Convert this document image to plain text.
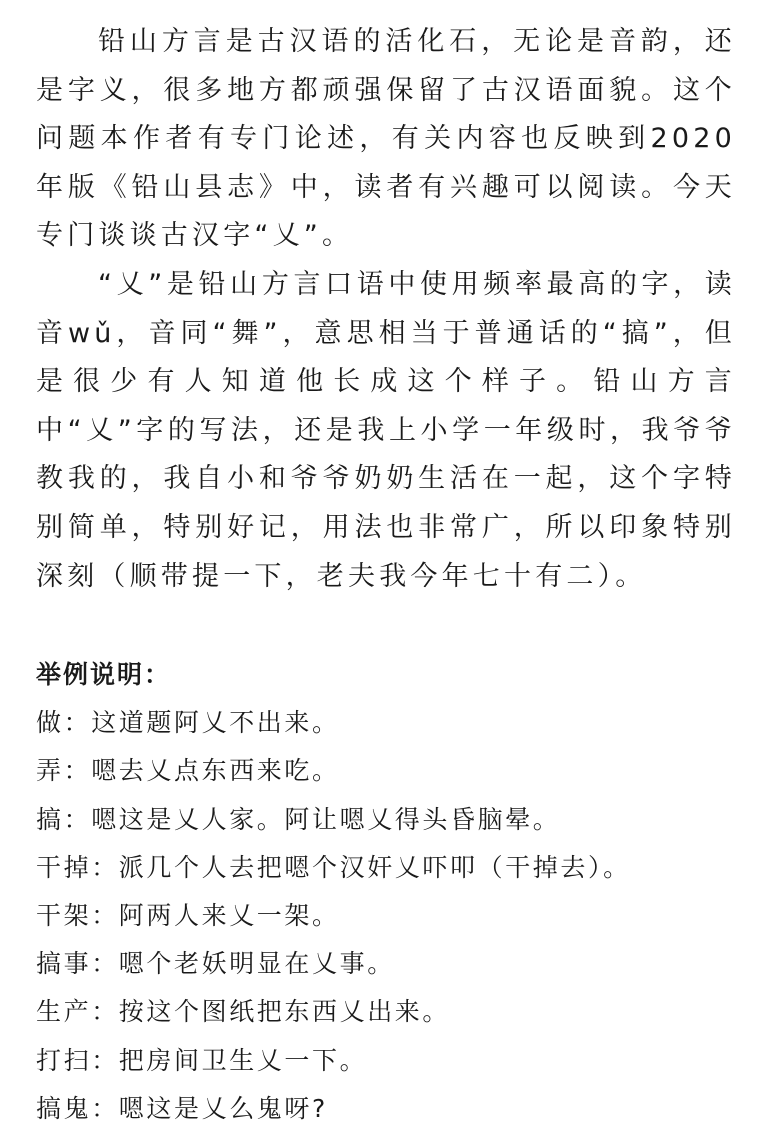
铅山方言是古汉语的活化石，无论是音韵，还是字义，很多地方都顽强保留了古汉语面貌。这个问题本作者有专门论述，有关内容也反映到2020年版《铅山县志》中，读者有兴趣可以阅读。今天专门谈谈古汉字“乂”。

“乂”是铅山方言口语中使用频率最高的字，读音wǔ，音同“舞”，意思相当于普通话的“搞”，但是很少有人知道他长成这个样子。铅山方言中“乂”字的写法，还是我上小学一年级时，我爷爷教我的，我自小和爷爷奶奶生活在一起，这个字特别简单，特别好记，用法也非常广，所以印象特别深刻（顺带提一下，老夫我今年七十有二）。

举例说明：

做：这道题阿乂不出来。
弄：嗯去乂点东西来吃。
搞：嗯这是乂人家。阿让嗯乂得头昏脑晕。
干掉：派几个人去把嗯个汉奸乂吓叩（干掉去）。
干架：阿两人来乂一架。
搞事：嗯个老妖明显在乂事。
生产：按这个图纸把东西乂出来。
打扫：把房间卫生乂一下。
搞鬼：嗯这是乂么鬼呀?
